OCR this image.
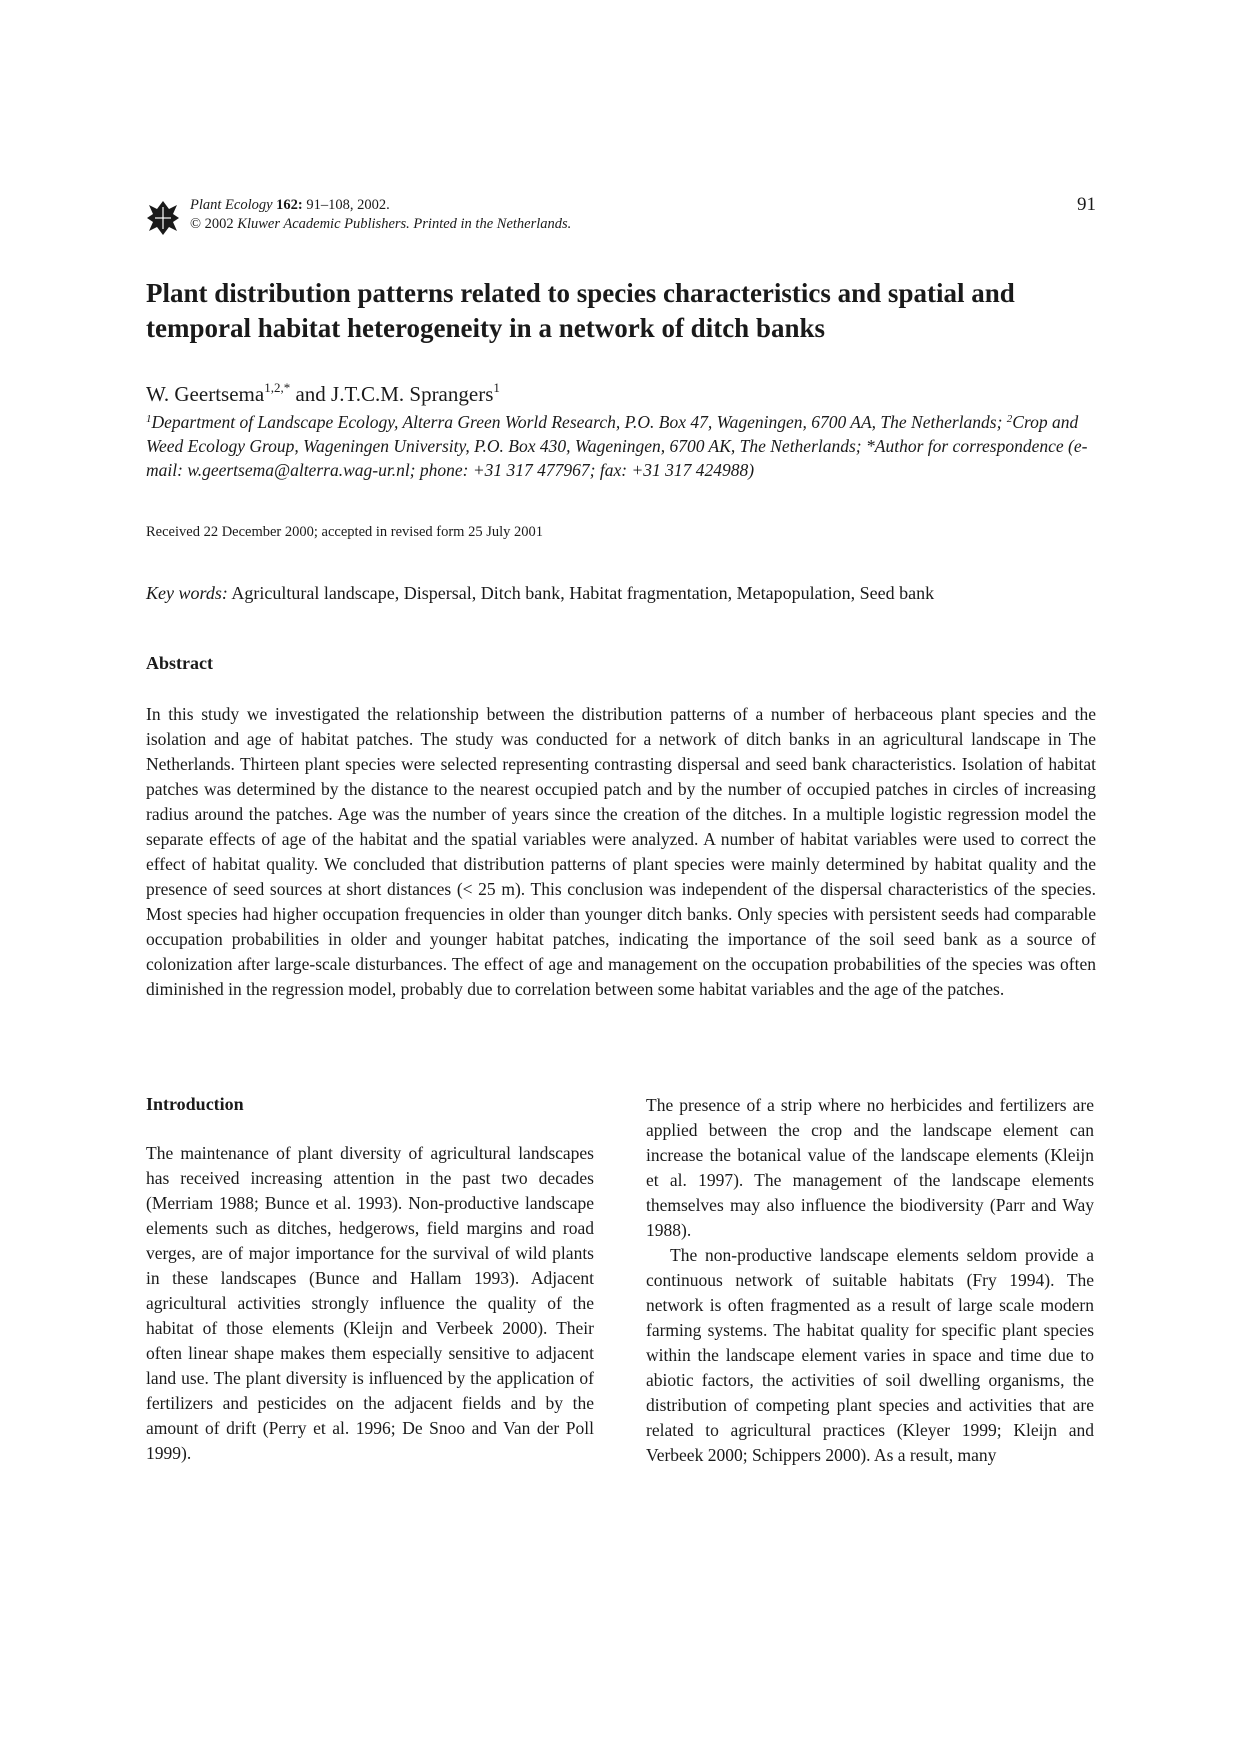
Plant Ecology 162: 91–108, 2002.
© 2002 Kluwer Academic Publishers. Printed in the Netherlands.
91
Plant distribution patterns related to species characteristics and spatial and temporal habitat heterogeneity in a network of ditch banks
W. Geertsema$^{1,2,*}$ and J.T.C.M. Sprangers$^1$
$^1$Department of Landscape Ecology, Alterra Green World Research, P.O. Box 47, Wageningen, 6700 AA, The Netherlands; $^2$Crop and Weed Ecology Group, Wageningen University, P.O. Box 430, Wageningen, 6700 AK, The Netherlands; *Author for correspondence (e-mail: w.geertsema@alterra.wag-ur.nl; phone: +31 317 477967; fax: +31 317 424988)
Received 22 December 2000; accepted in revised form 25 July 2001
Key words: Agricultural landscape, Dispersal, Ditch bank, Habitat fragmentation, Metapopulation, Seed bank
Abstract

In this study we investigated the relationship between the distribution patterns of a number of herbaceous plant species and the isolation and age of habitat patches. The study was conducted for a network of ditch banks in an agricultural landscape in The Netherlands. Thirteen plant species were selected representing contrasting dispersal and seed bank characteristics. Isolation of habitat patches was determined by the distance to the nearest occupied patch and by the number of occupied patches in circles of increasing radius around the patches. Age was the number of years since the creation of the ditches. In a multiple logistic regression model the separate effects of age of the habitat and the spatial variables were analyzed. A number of habitat variables were used to correct the effect of habitat quality. We concluded that distribution patterns of plant species were mainly determined by habitat quality and the presence of seed sources at short distances (< 25 m). This conclusion was independent of the dispersal characteristics of the species. Most species had higher occupation frequencies in older than younger ditch banks. Only species with persistent seeds had comparable occupation probabilities in older and younger habitat patches, indicating the importance of the soil seed bank as a source of colonization after large-scale disturbances. The effect of age and management on the occupation probabilities of the species was often diminished in the regression model, probably due to correlation between some habitat variables and the age of the patches.

Introduction

The maintenance of plant diversity of agricultural landscapes has received increasing attention in the past two decades (Merriam 1988; Bunce et al. 1993). Non-productive landscape elements such as ditches, hedgerows, field margins and road verges, are of major importance for the survival of wild plants in these landscapes (Bunce and Hallam 1993). Adjacent agricultural activities strongly influence the quality of the habitat of those elements (Kleijn and Verbeek 2000). Their often linear shape makes them especially sensitive to adjacent land use. The plant diversity is influenced by the application of fertilizers and pesticides on the adjacent fields and by the amount of drift (Perry et al. 1996; De Snoo and Van der Poll 1999).

The presence of a strip where no herbicides and fertilizers are applied between the crop and the landscape element can increase the botanical value of the landscape elements (Kleijn et al. 1997). The management of the landscape elements themselves may also influence the biodiversity (Parr and Way 1988).

The non-productive landscape elements seldom provide a continuous network of suitable habitats (Fry 1994). The network is often fragmented as a result of large scale modern farming systems. The habitat quality for specific plant species within the landscape element varies in space and time due to abiotic factors, the activities of soil dwelling organisms, the distribution of competing plant species and activities that are related to agricultural practices (Kleyer 1999; Kleijn and Verbeek 2000; Schippers 2000). As a result, many
